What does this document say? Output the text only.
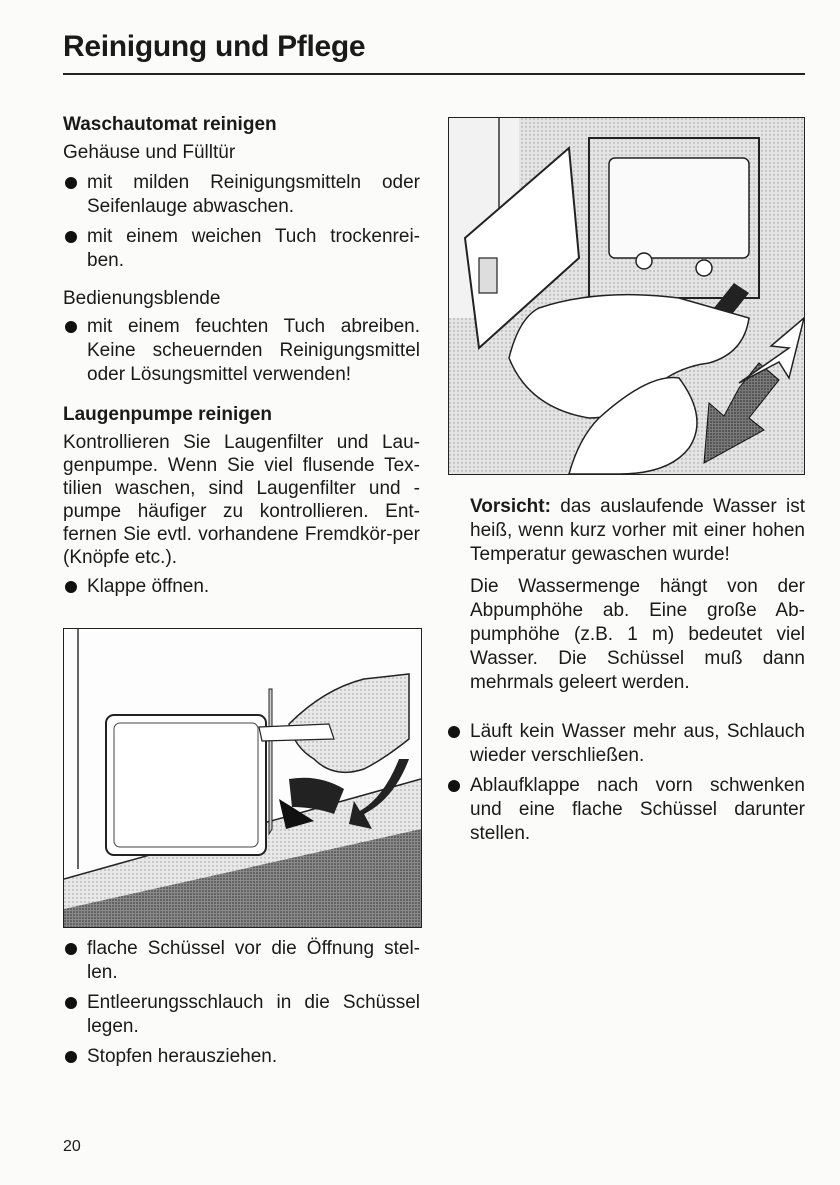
Reinigung und Pflege
Waschautomat reinigen

Gehäuse und Fülltür

mit milden Reinigungsmitteln oder Seifenlauge abwaschen.
mit einem weichen Tuch trockenrei-ben.

Bedienungsblende

mit einem feuchten Tuch abreiben. Keine scheuernden Reinigungsmittel oder Lösungsmittel verwenden!
Laugenpumpe reinigen

Kontrollieren Sie Laugenfilter und Lau-genpumpe. Wenn Sie viel flusende Tex-tilien waschen, sind Laugenfilter und -pumpe häufiger zu kontrollieren. Ent-fernen Sie evtl. vorhandene Fremdkör-per (Knöpfe etc.).

Klappe öffnen.
flache Schüssel vor die Öffnung stel-len.
Entleerungsschlauch in die Schüssel legen.
Stopfen herausziehen.

Vorsicht: das auslaufende Wasser ist heiß, wenn kurz vorher mit einer hohen Temperatur gewaschen wurde!

Die Wassermenge hängt von der Abpumphöhe ab. Eine große Ab-pumphöhe (z.B. 1 m) bedeutet viel Wasser. Die Schüssel muß dann mehrmals geleert werden.

Läuft kein Wasser mehr aus, Schlauch wieder verschließen.
Ablaufklappe nach vorn schwenken und eine flache Schüssel darunter stellen.
20
